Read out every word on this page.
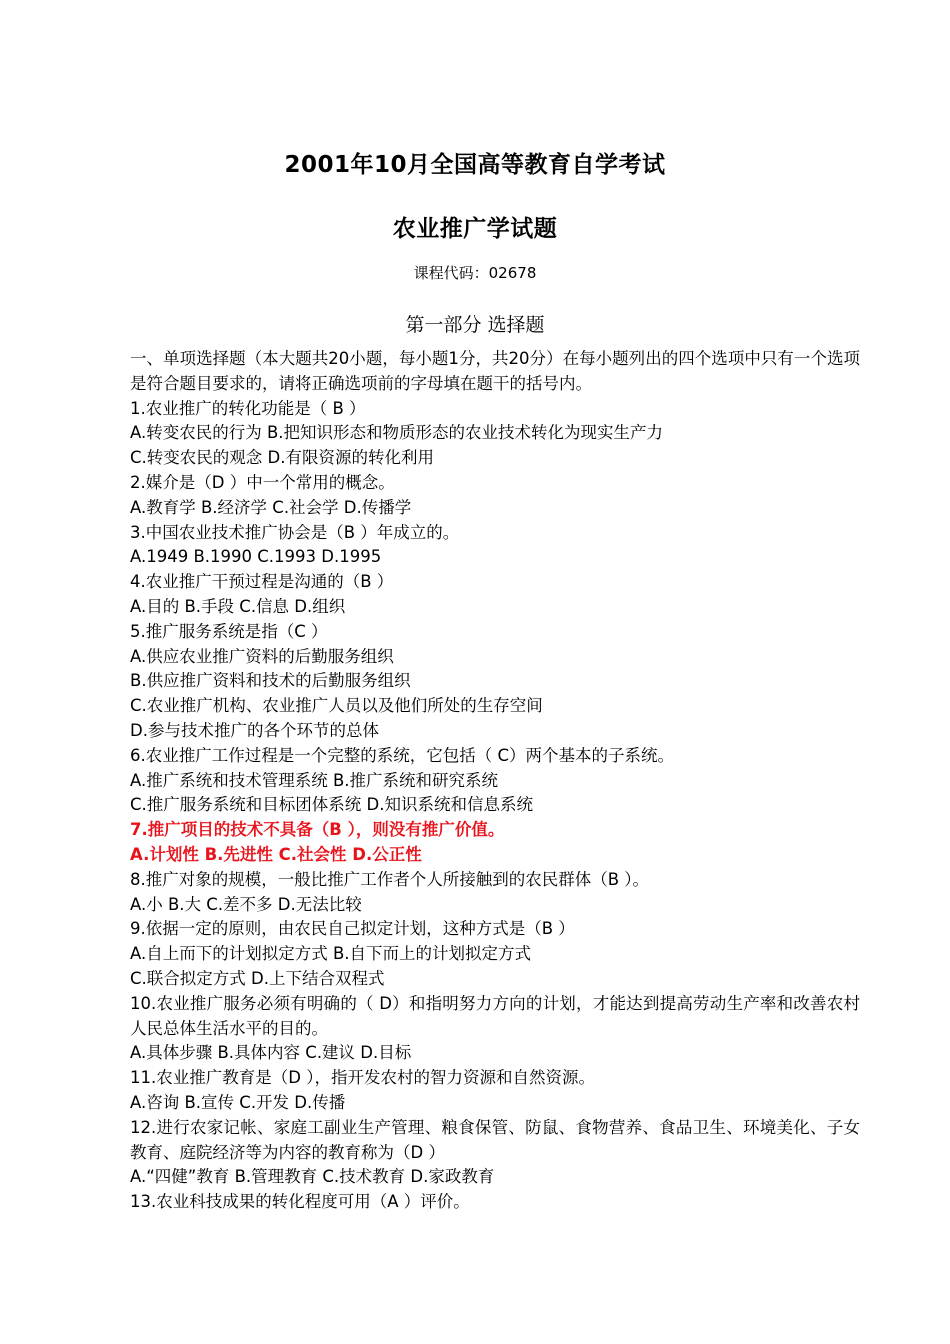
2001年10月全国高等教育自学考试
农业推广学试题
课程代码：02678
第一部分 选择题
一、单项选择题（本大题共20小题，每小题1分，共20分）在每小题列出的四个选项中只有一个选项是符合题目要求的，请将正确选项前的字母填在题干的括号内。
1.农业推广的转化功能是（ B ）
A.转变农民的行为 B.把知识形态和物质形态的农业技术转化为现实生产力
C.转变农民的观念 D.有限资源的转化利用
2.媒介是（D ）中一个常用的概念。
A.教育学 B.经济学 C.社会学 D.传播学
3.中国农业技术推广协会是（B ）年成立的。
A.1949 B.1990 C.1993 D.1995
4.农业推广干预过程是沟通的（B ）
A.目的 B.手段 C.信息 D.组织
5.推广服务系统是指（C ）
A.供应农业推广资料的后勤服务组织
B.供应推广资料和技术的后勤服务组织
C.农业推广机构、农业推广人员以及他们所处的生存空间
D.参与技术推广的各个环节的总体
6.农业推广工作过程是一个完整的系统，它包括（ C）两个基本的子系统。
A.推广系统和技术管理系统 B.推广系统和研究系统
C.推广服务系统和目标团体系统 D.知识系统和信息系统
7.推广项目的技术不具备（B ），则没有推广价值。
A.计划性 B.先进性 C.社会性 D.公正性
8.推广对象的规模，一般比推广工作者个人所接触到的农民群体（B ）。
A.小 B.大 C.差不多 D.无法比较
9.依据一定的原则，由农民自己拟定计划，这种方式是（B ）
A.自上而下的计划拟定方式 B.自下而上的计划拟定方式
C.联合拟定方式 D.上下结合双程式
10.农业推广服务必须有明确的（ D）和指明努力方向的计划，才能达到提高劳动生产率和改善农村人民总体生活水平的目的。
A.具体步骤 B.具体内容 C.建议 D.目标
11.农业推广教育是（D ），指开发农村的智力资源和自然资源。
A.咨询 B.宣传 C.开发 D.传播
12.进行农家记帐、家庭工副业生产管理、粮食保管、防鼠、食物营养、食品卫生、环境美化、子女教育、庭院经济等为内容的教育称为（D ）
A.“四健”教育 B.管理教育 C.技术教育 D.家政教育
13.农业科技成果的转化程度可用（A ）评价。
